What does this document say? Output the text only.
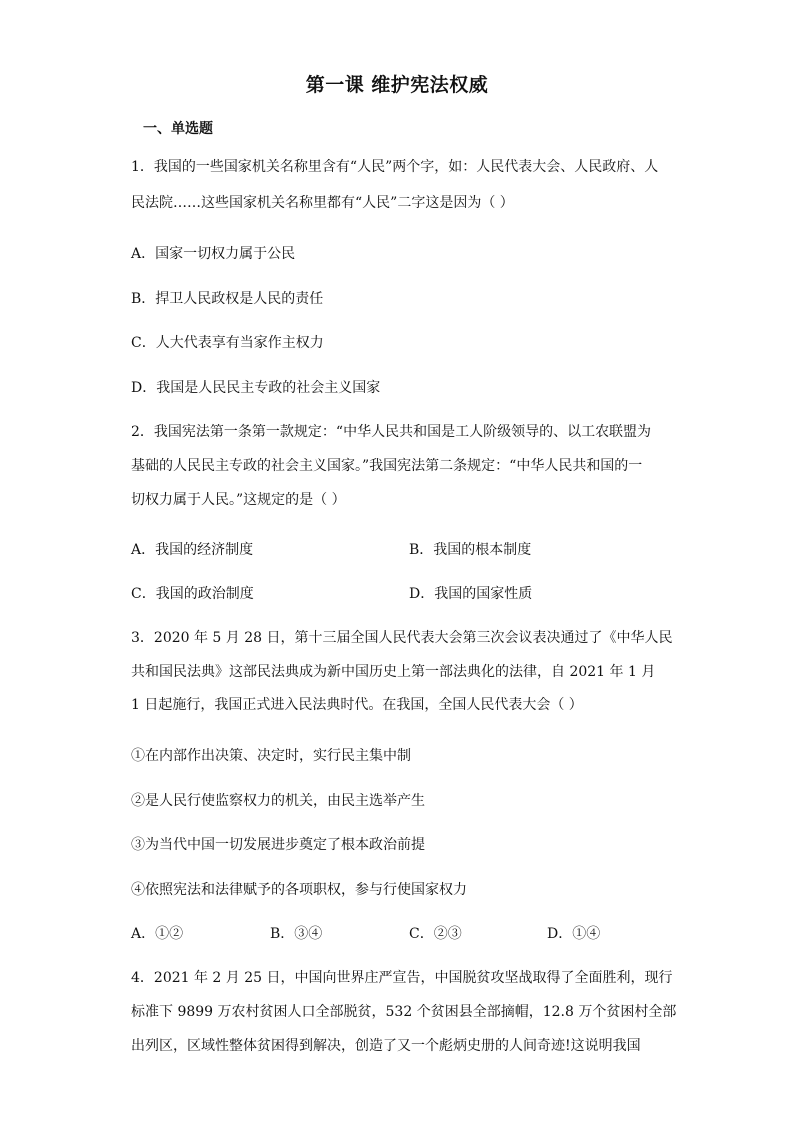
第一课 维护宪法权威
一、单选题
1．我国的一些国家机关名称里含有“人民”两个字，如：人民代表大会、人民政府、人
民法院……这些国家机关名称里都有“人民”二字这是因为（ ）
A．国家一切权力属于公民
B．捍卫人民政权是人民的责任
C．人大代表享有当家作主权力
D．我国是人民民主专政的社会主义国家
2．我国宪法第一条第一款规定：“中华人民共和国是工人阶级领导的、以工农联盟为
基础的人民民主专政的社会主义国家。”我国宪法第二条规定：“中华人民共和国的一
切权力属于人民。”这规定的是（ ）
A．我国的经济制度	B．我国的根本制度
C．我国的政治制度	D．我国的国家性质
3．2020 年 5 月 28 日，第十三届全国人民代表大会第三次会议表决通过了《中华人民
共和国民法典》这部民法典成为新中国历史上第一部法典化的法律，自 2021 年 1 月
1 日起施行，我国正式进入民法典时代。在我国，全国人民代表大会（ ）
①在内部作出决策、决定时，实行民主集中制
②是人民行使监察权力的机关，由民主选举产生
③为当代中国一切发展进步奠定了根本政治前提
④依照宪法和法律赋予的各项职权，参与行使国家权力
A．①②	B．③④	C．②③	D．①④
4．2021 年 2 月 25 日，中国向世界庄严宣告，中国脱贫攻坚战取得了全面胜利，现行
标准下 9899 万农村贫困人口全部脱贫，532 个贫困县全部摘帽，12.8 万个贫困村全部
出列区，区域性整体贫困得到解决，创造了又一个彪炳史册的人间奇迹!这说明我国
